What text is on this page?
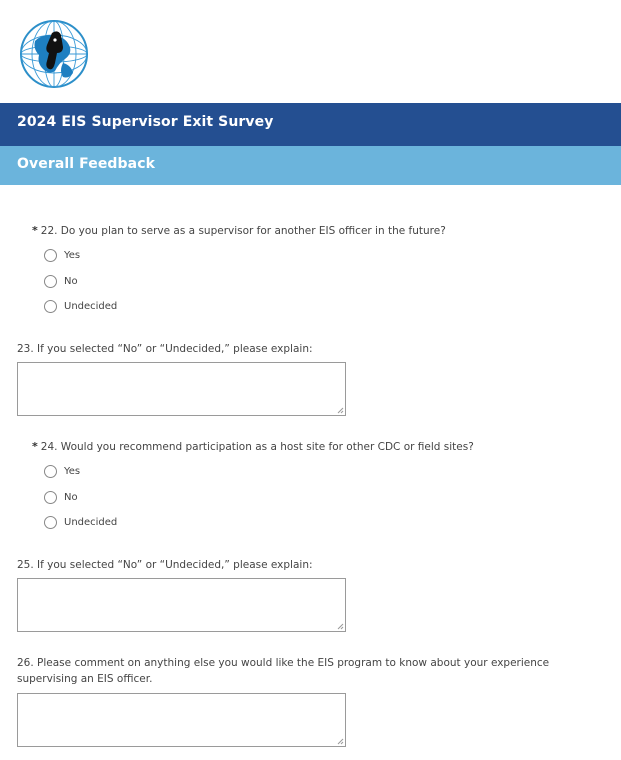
2024 EIS Supervisor Exit Survey
Overall Feedback
* 22. Do you plan to serve as a supervisor for another EIS officer in the future?
Yes
No
Undecided
23. If you selected “No” or “Undecided,” please explain:
* 24. Would you recommend participation as a host site for other CDC or field sites?
Yes
No
Undecided
25. If you selected “No” or “Undecided,” please explain:
26. Please comment on anything else you would like the EIS program to know about your experience
supervising an EIS officer.
